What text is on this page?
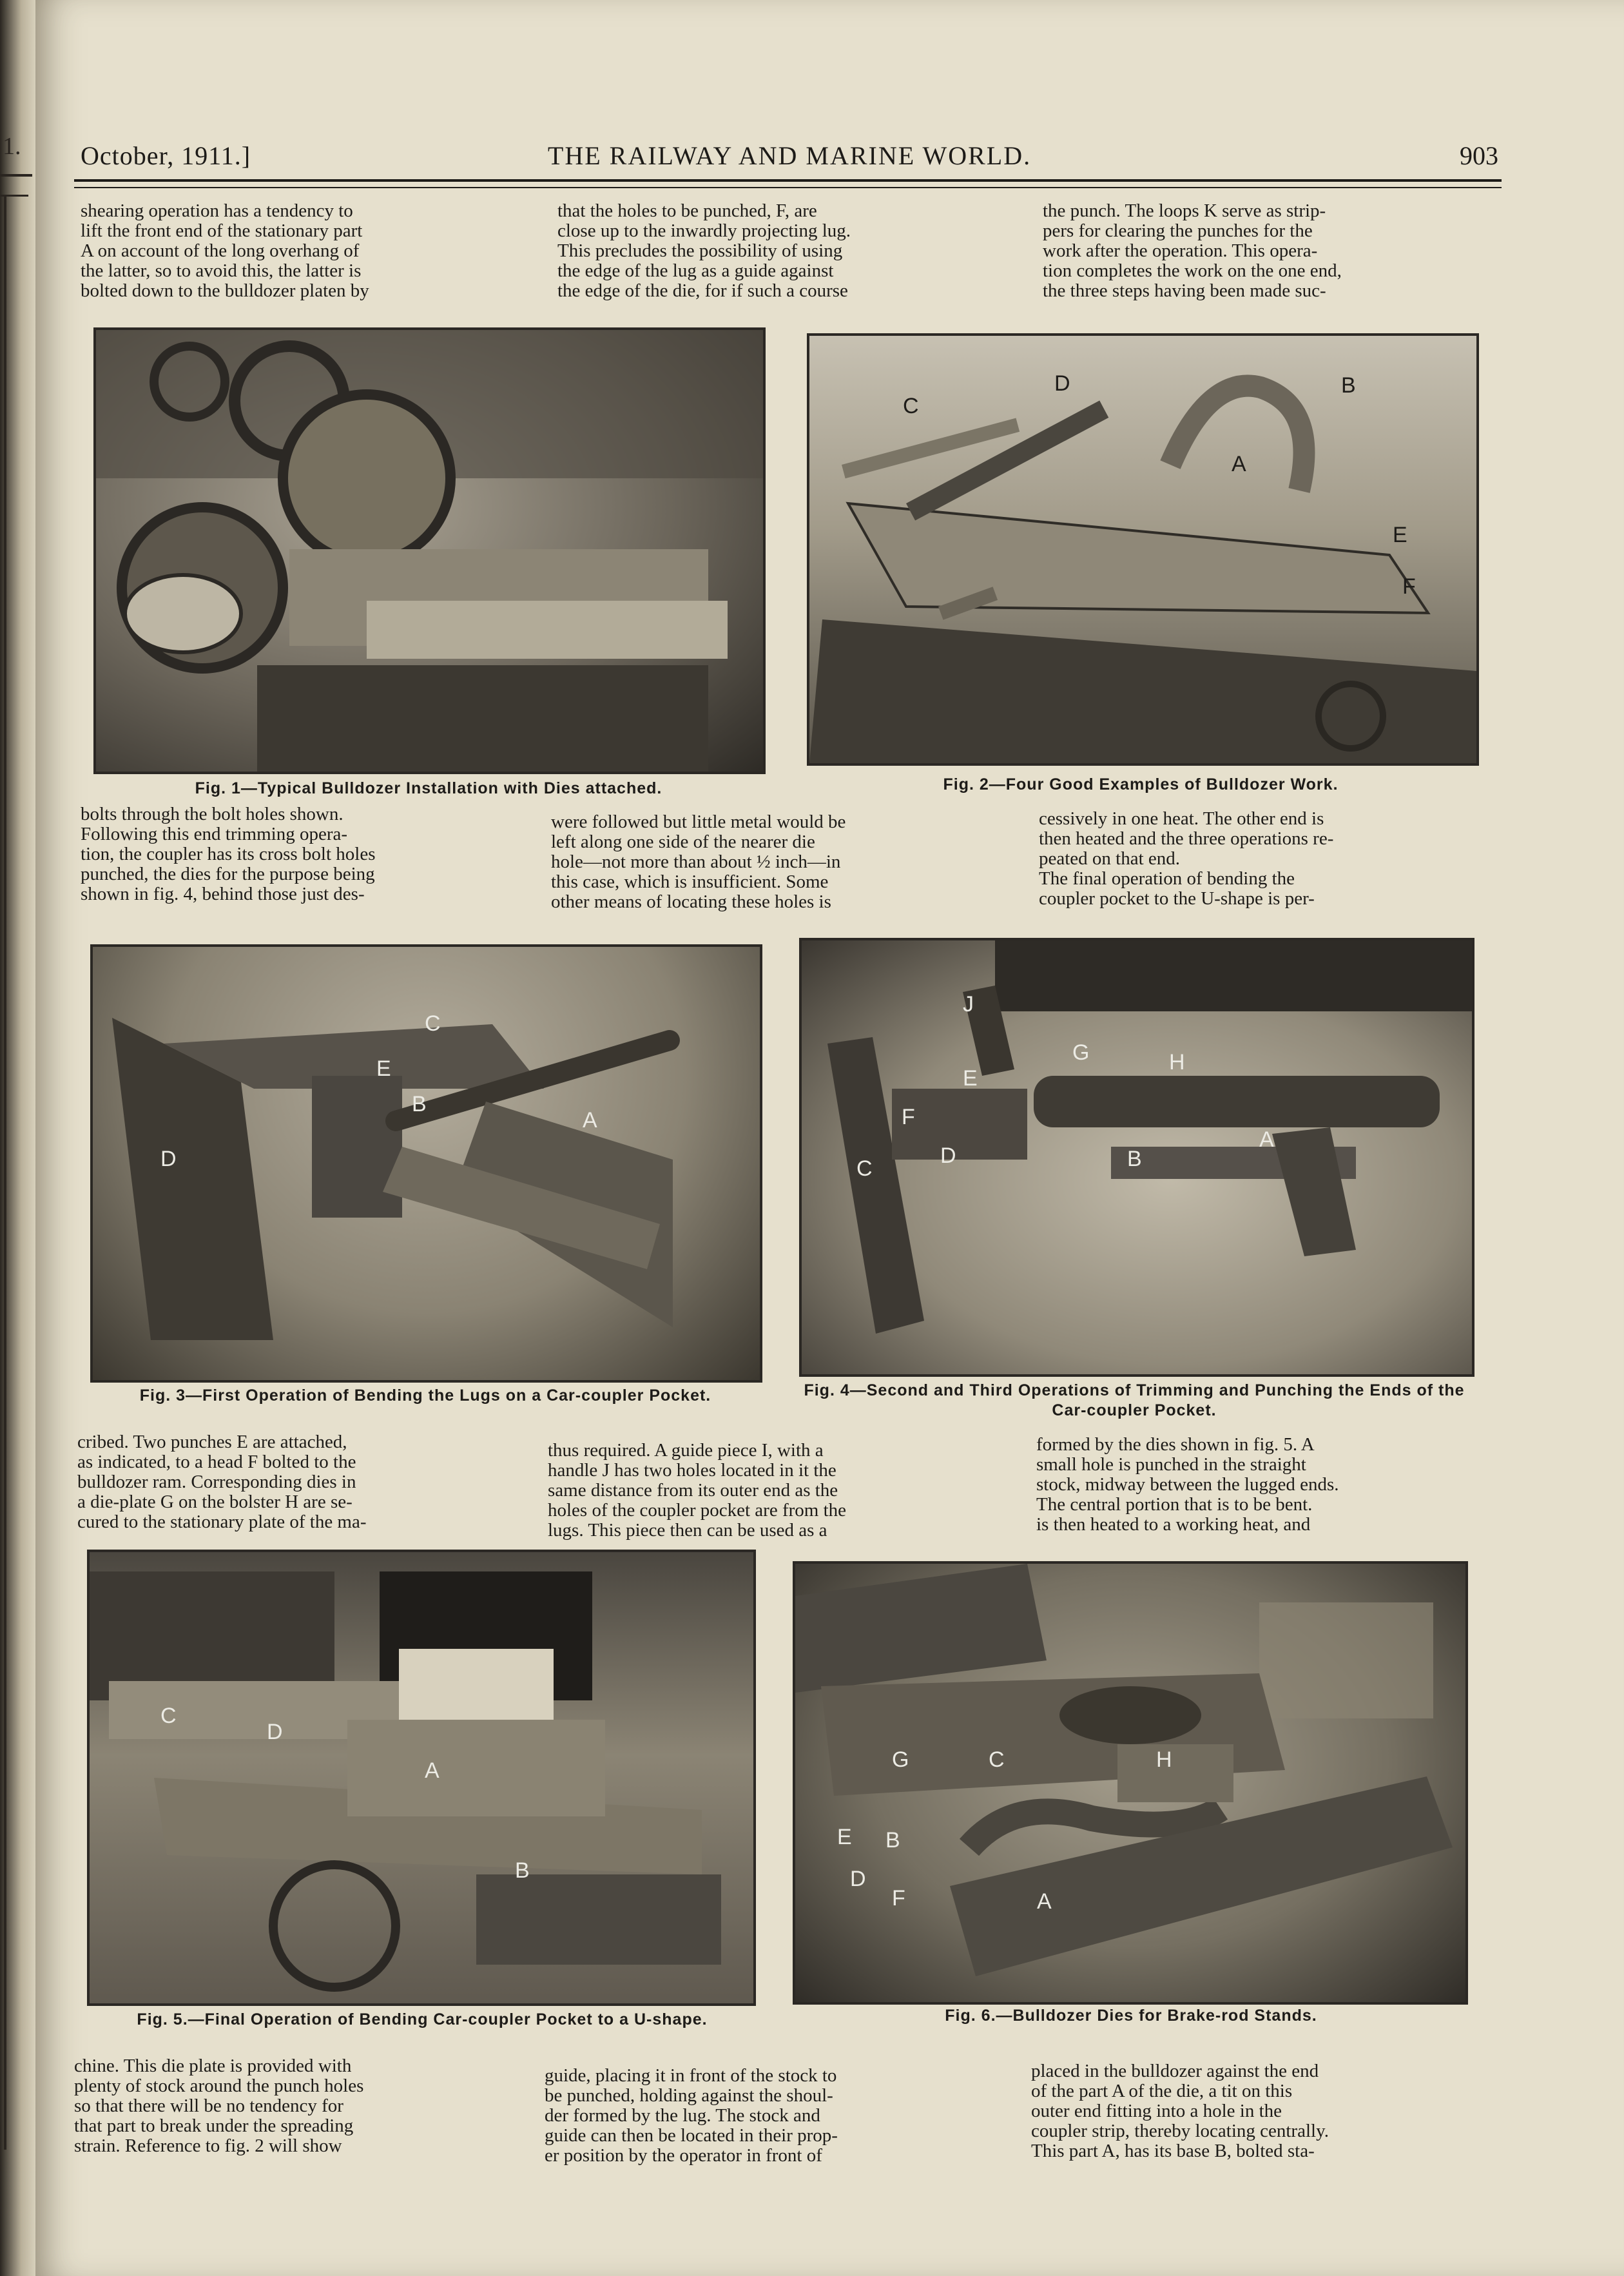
1. October, 1911.]	THE RAILWAY AND MARINE WORLD.	903

shearing operation has a tendency to
lift the front end of the stationary part
A on account of the long overhang of
the latter, so to avoid this, the latter is
bolted down to the bulldozer platen by

that the holes to be punched, F, are
close up to the inwardly projecting lug.
This precludes the possibility of using
the edge of the lug as a guide against
the edge of the die, for if such a course

the punch. The loops K serve as strip-
pers for clearing the punches for the
work after the operation. This opera-
tion completes the work on the one end,
the three steps having been made suc-

C
D	B
A
E
F
Fig. 1—Typical Bulldozer Installation with Dies attached.	Fig. 2—Four Good Examples of Bulldozer Work.

bolts through the bolt holes shown.
Following this end trimming opera-
tion, the coupler has its cross bolt holes
punched, the dies for the purpose being
shown in fig. 4, behind those just des-

were followed but little metal would be
left along one side of the nearer die
hole—not more than about ½ inch—in
this case, which is insufficient. Some
other means of locating these holes is

cessively in one heat. The other end is
then heated and the three operations re-
peated on that end.
The final operation of bending the
coupler pocket to the U-shape is per-

C
E
B
A
D
J
G	H
E
F
D	B
A
C
Fig. 3—First Operation of Bending the Lugs on a Car-coupler Pocket.	Fig. 4—Second and Third Operations of Trimming and Punching the Ends of the Car-coupler Pocket.

cribed. Two punches E are attached,
as indicated, to a head F bolted to the
bulldozer ram. Corresponding dies in
a die-plate G on the bolster H are se-
cured to the stationary plate of the ma-

thus required. A guide piece I, with a
handle J has two holes located in it the
same distance from its outer end as the
holes of the coupler pocket are from the
lugs. This piece then can be used as a

formed by the dies shown in fig. 5. A
small hole is punched in the straight
stock, midway between the lugged ends.
The central portion that is to be bent.
is then heated to a working heat, and

C
D
A
B
G	C	H
E B
D
F	A
Fig. 5.—Final Operation of Bending Car-coupler Pocket to a U-shape.	Fig. 6.—Bulldozer Dies for Brake-rod Stands.

chine. This die plate is provided with
plenty of stock around the punch holes
so that there will be no tendency for
that part to break under the spreading
strain. Reference to fig. 2 will show

guide, placing it in front of the stock to
be punched, holding against the shoul-
der formed by the lug. The stock and
guide can then be located in their prop-
er position by the operator in front of

placed in the bulldozer against the end
of the part A of the die, a tit on this
outer end fitting into a hole in the
coupler strip, thereby locating centrally.
This part A, has its base B, bolted sta-
